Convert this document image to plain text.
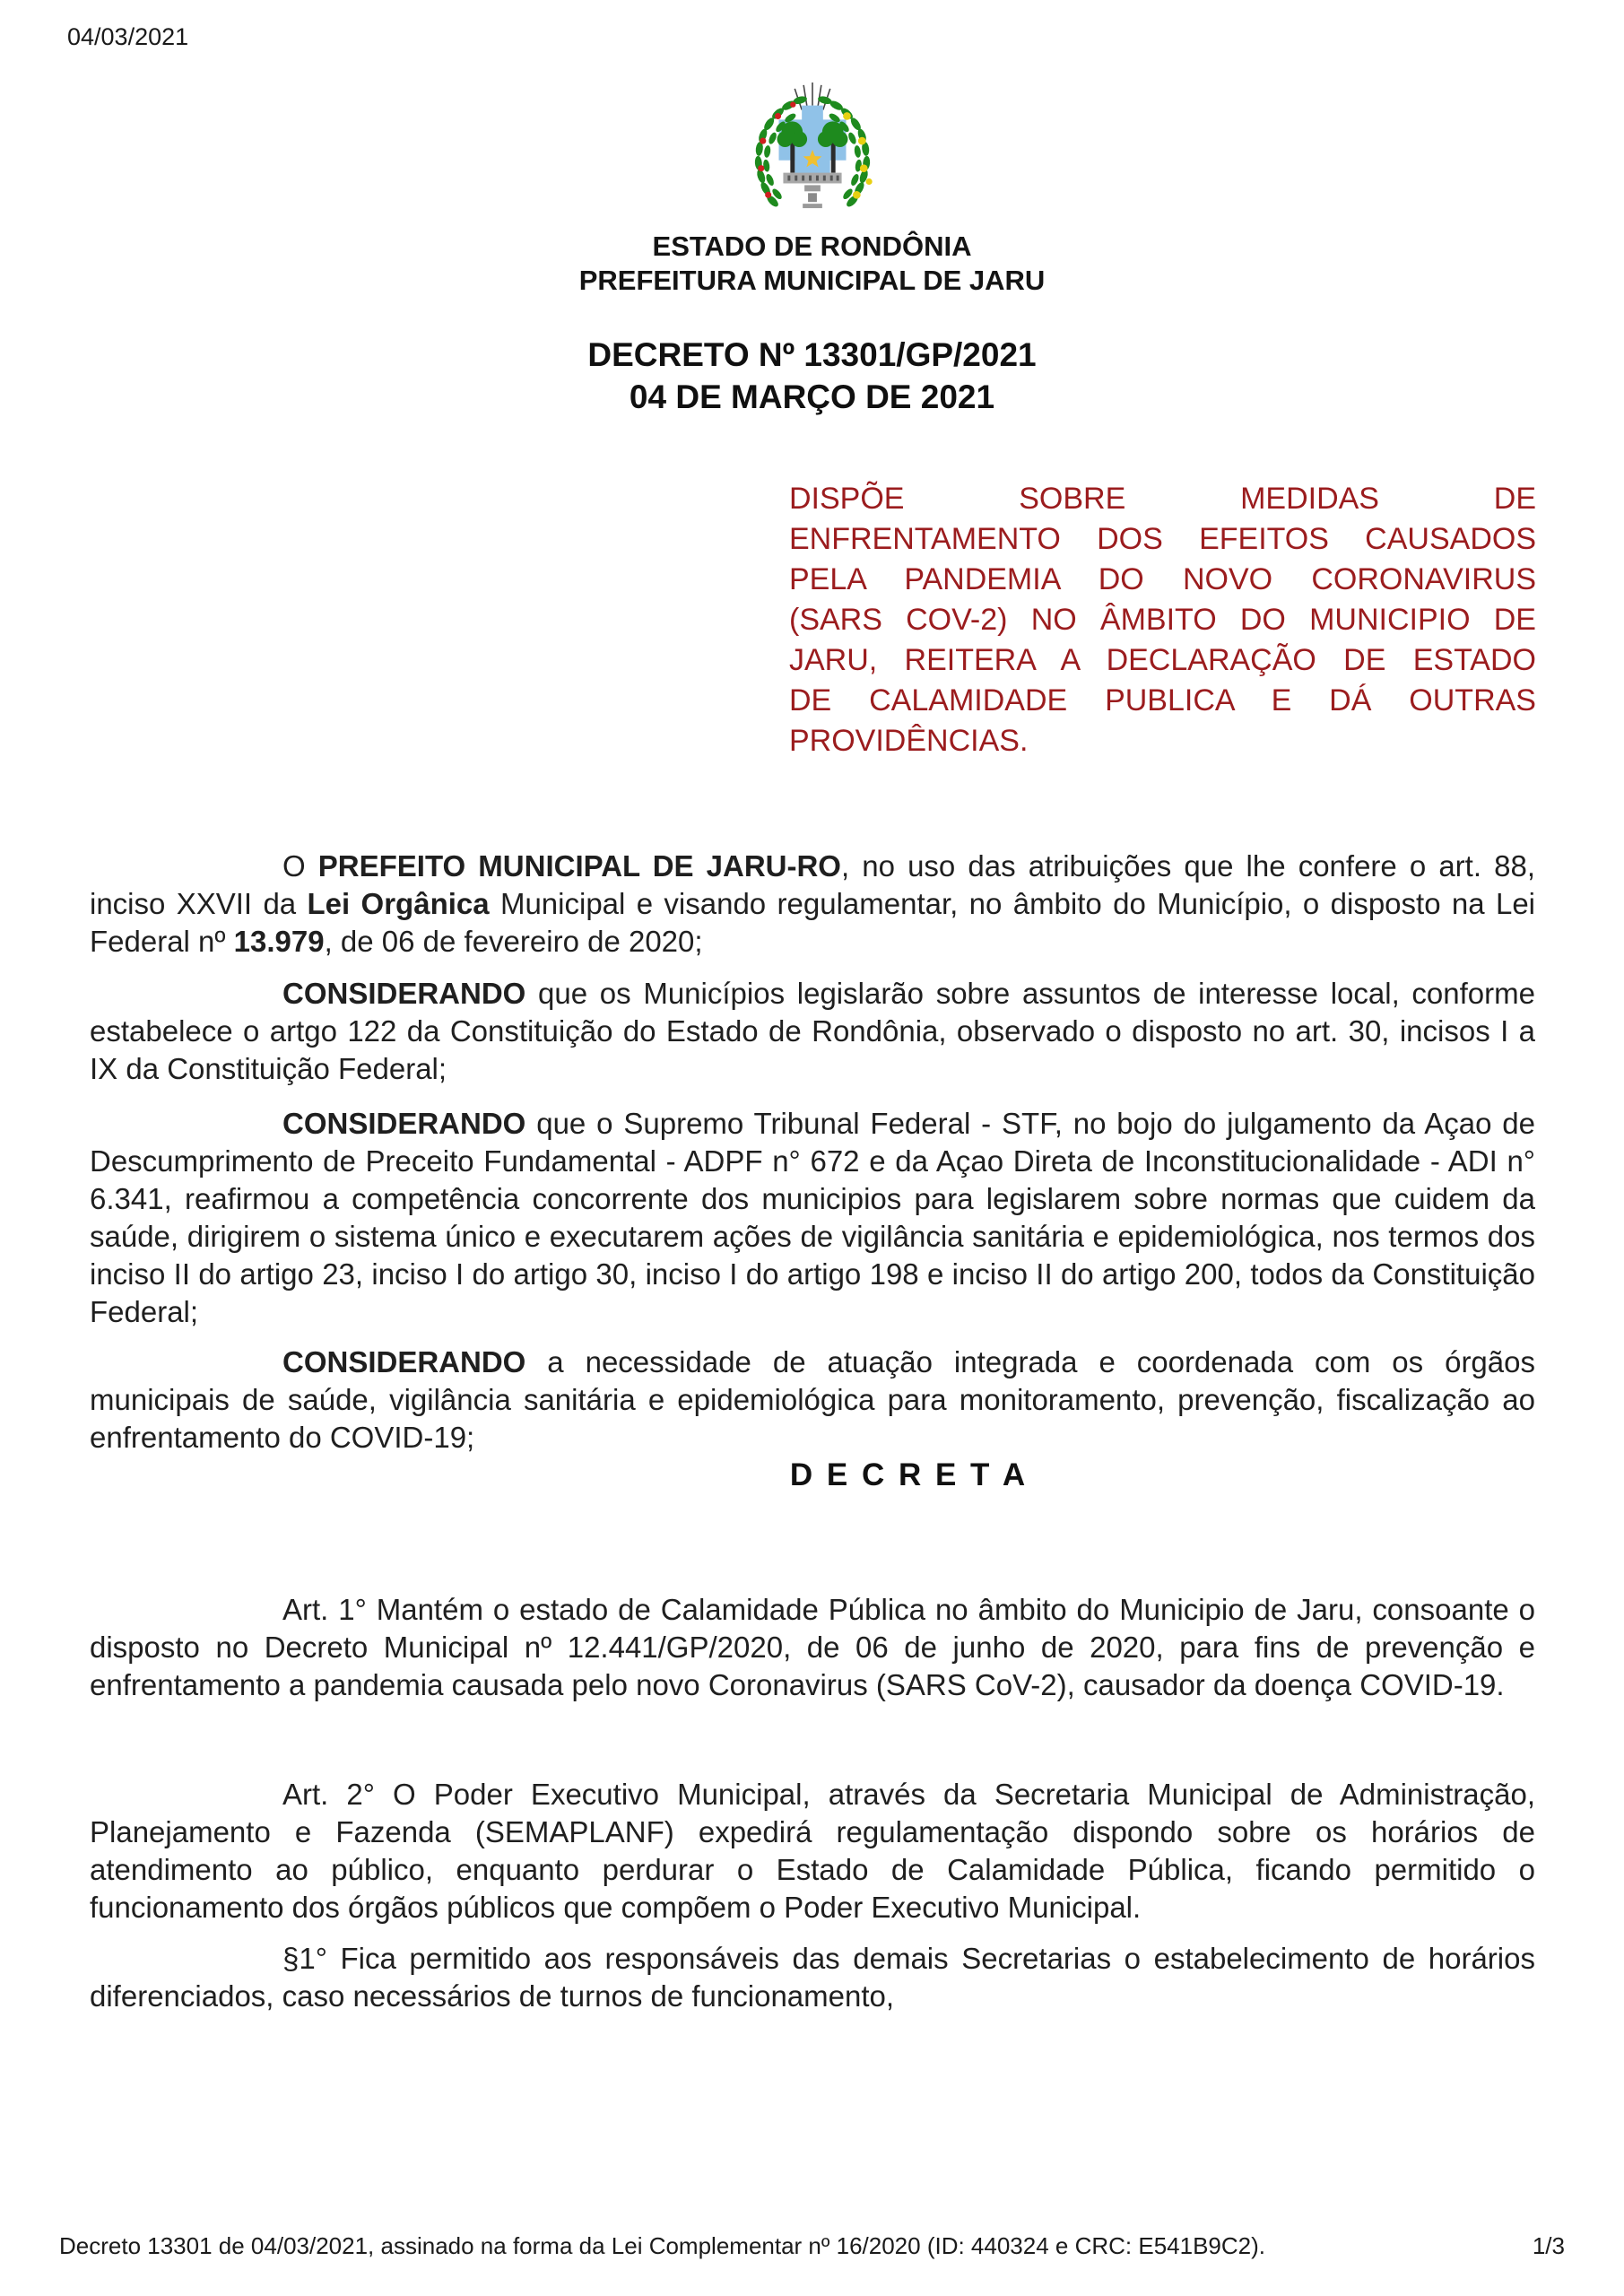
04/03/2021
ESTADO DE RONDÔNIA
PREFEITURA MUNICIPAL DE JARU
DECRETO Nº 13301/GP/2021
04 DE MARÇO DE 2021
DISPÕE SOBRE MEDIDAS DE
ENFRENTAMENTO DOS EFEITOS CAUSADOS
PELA PANDEMIA DO NOVO CORONAVIRUS
(SARS COV-2) NO ÂMBITO DO MUNICIPIO DE
JARU, REITERA A DECLARAÇÃO DE ESTADO
DE CALAMIDADE PUBLICA E DÁ OUTRAS
PROVIDÊNCIAS.

O PREFEITO MUNICIPAL DE JARU-RO, no uso das atribuições que lhe confere o art. 88, inciso XXVII da Lei Orgânica Municipal e visando regulamentar, no âmbito do Município, o disposto na Lei Federal nº 13.979, de 06 de fevereiro de 2020;

CONSIDERANDO que os Municípios legislarão sobre assuntos de interesse local, conforme estabelece o artgo 122 da Constituição do Estado de Rondônia, observado o disposto no art. 30, incisos I a IX da Constituição Federal;

CONSIDERANDO que o Supremo Tribunal Federal - STF, no bojo do julgamento da Açao de Descumprimento de Preceito Fundamental - ADPF n° 672 e da Açao Direta de Inconstitucionalidade - ADI n° 6.341, reafirmou a competência concorrente dos municipios para legislarem sobre normas que cuidem da saúde, dirigirem o sistema único e executarem ações de vigilância sanitária e epidemiológica, nos termos dos inciso II do artigo 23, inciso I do artigo 30, inciso I do artigo 198 e inciso II do artigo 200, todos da Constituição Federal;

CONSIDERANDO a necessidade de atuação integrada e coordenada com os órgãos municipais de saúde, vigilância sanitária e epidemiológica para monitoramento, prevenção, fiscalização ao enfrentamento do COVID-19;

D E C R E T A

Art. 1° Mantém o estado de Calamidade Pública no âmbito do Municipio de Jaru, consoante o disposto no Decreto Municipal nº 12.441/GP/2020, de 06 de junho de 2020, para fins de prevenção e enfrentamento a pandemia causada pelo novo Coronavirus (SARS CoV-2), causador da doença COVID-19.

Art. 2° O Poder Executivo Municipal, através da Secretaria Municipal de Administração, Planejamento e Fazenda (SEMAPLANF) expedirá regulamentação dispondo sobre os horários de atendimento ao público, enquanto perdurar o Estado de Calamidade Pública, ficando permitido o funcionamento dos órgãos públicos que compõem o Poder Executivo Municipal.

§1° Fica permitido aos responsáveis das demais Secretarias o estabelecimento de horários diferenciados, caso necessários de turnos de funcionamento,

Decreto 13301 de 04/03/2021, assinado na forma da Lei Complementar nº 16/2020 (ID: 440324 e CRC: E541B9C2).	1/3
